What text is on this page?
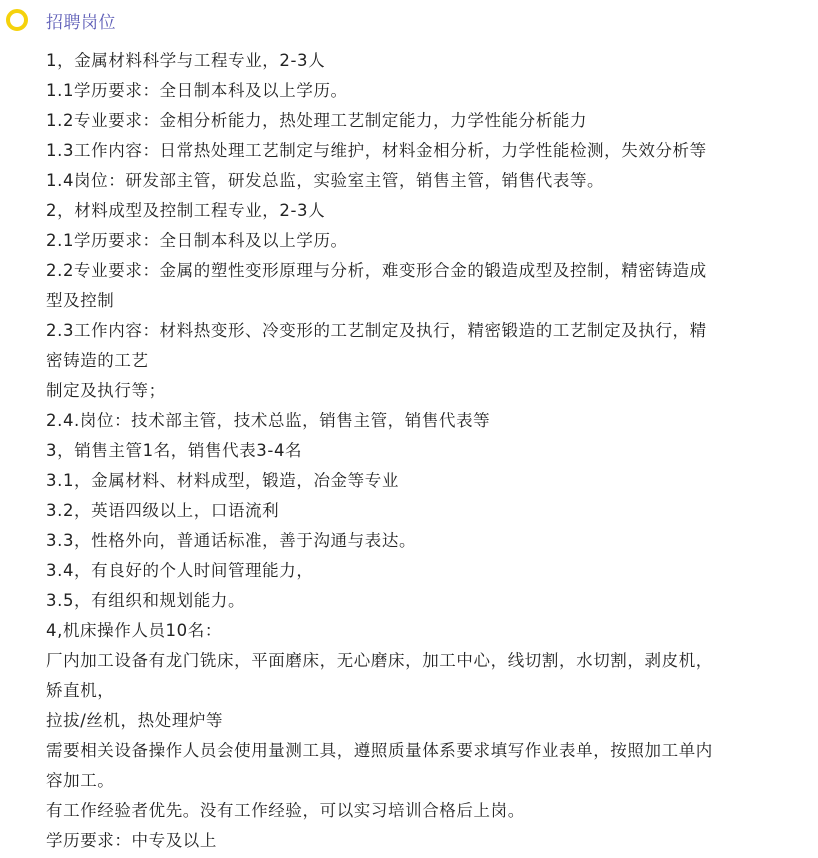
招聘岗位

1，金属材料科学与工程专业，2-3人

1.1学历要求：全日制本科及以上学历。

1.2专业要求：金相分析能力，热处理工艺制定能力，力学性能分析能力

1.3工作内容：日常热处理工艺制定与维护，材料金相分析，力学性能检测，失效分析等

1.4岗位：研发部主管，研发总监，实验室主管，销售主管，销售代表等。

2，材料成型及控制工程专业，2-3人

2.1学历要求：全日制本科及以上学历。

2.2专业要求：金属的塑性变形原理与分析，难变形合金的锻造成型及控制，精密铸造成

型及控制

2.3工作内容：材料热变形、冷变形的工艺制定及执行，精密锻造的工艺制定及执行，精

密铸造的工艺

制定及执行等；

2.4.岗位：技术部主管，技术总监，销售主管，销售代表等

3，销售主管1名，销售代表3-4名

3.1，金属材料、材料成型，锻造，冶金等专业

3.2，英语四级以上，口语流利

3.3，性格外向，普通话标准，善于沟通与表达。

3.4，有良好的个人时间管理能力，

3.5，有组织和规划能力。

4,机床操作人员10名：

厂内加工设备有龙门铣床，平面磨床，无心磨床，加工中心，线切割，水切割，剥皮机，

矫直机，

拉拔/丝机，热处理炉等

需要相关设备操作人员会使用量测工具，遵照质量体系要求填写作业表单，按照加工单内

容加工。

有工作经验者优先。没有工作经验，可以实习培训合格后上岗。

学历要求：中专及以上
